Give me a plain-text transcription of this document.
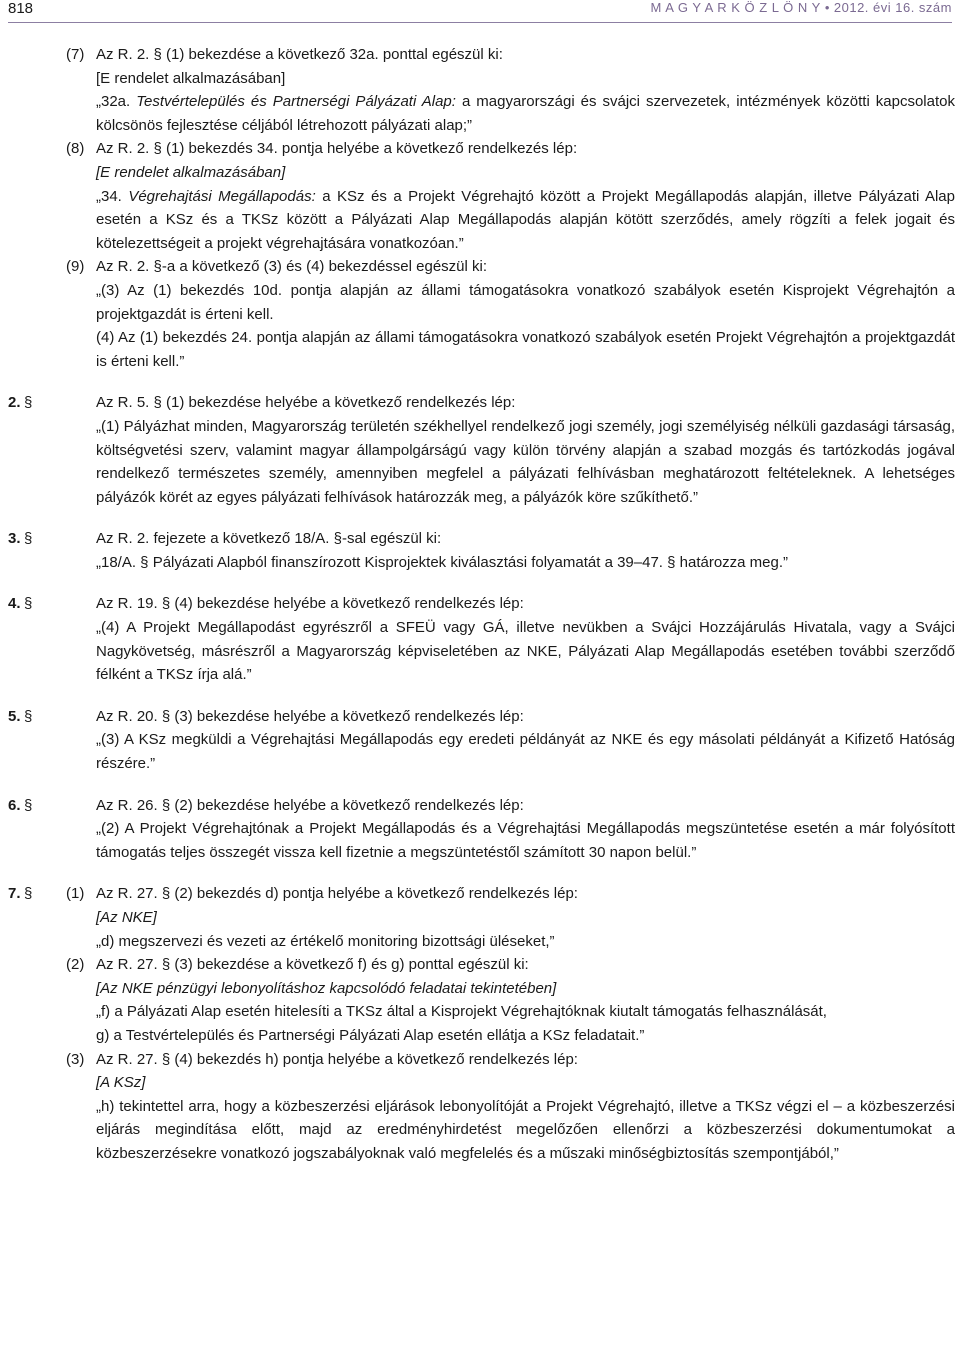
818	M A G Y A R K Ö Z L Ö N Y • 2012. évi 16. szám
(7) Az R. 2. § (1) bekezdése a következő 32a. ponttal egészül ki:
[E rendelet alkalmazásában]
„32a. Testvértelepülés és Partnerségi Pályázati Alap: a magyarországi és svájci szervezetek, intézmények közötti kapcsolatok kölcsönös fejlesztése céljából létrehozott pályázati alap;”
(8) Az R. 2. § (1) bekezdés 34. pontja helyébe a következő rendelkezés lép:
[E rendelet alkalmazásában]
„34. Végrehajtási Megállapodás: a KSz és a Projekt Végrehajtó között a Projekt Megállapodás alapján, illetve Pályázati Alap esetén a KSz és a TKSz között a Pályázati Alap Megállapodás alapján kötött szerződés, amely rögzíti a felek jogait és kötelezettségeit a projekt végrehajtására vonatkozóan.”
(9) Az R. 2. §-a a következő (3) és (4) bekezdéssel egészül ki:
„(3) Az (1) bekezdés 10d. pontja alapján az állami támogatásokra vonatkozó szabályok esetén Kisprojekt Végrehajtón a projektgazdát is érteni kell.
(4) Az (1) bekezdés 24. pontja alapján az állami támogatásokra vonatkozó szabályok esetén Projekt Végrehajtón a projektgazdát is érteni kell.”
2. §	Az R. 5. § (1) bekezdése helyébe a következő rendelkezés lép:
„(1) Pályázhat minden, Magyarország területén székhellyel rendelkező jogi személy, jogi személyiség nélküli gazdasági társaság, költségvetési szerv, valamint magyar állampolgárságú vagy külön törvény alapján a szabad mozgás és tartózkodás jogával rendelkező természetes személy, amennyiben megfelel a pályázati felhívásban meghatározott feltételeknek. A lehetséges pályázók körét az egyes pályázati felhívások határozzák meg, a pályázók köre szűkíthető.”
3. §	Az R. 2. fejezete a következő 18/A. §-sal egészül ki:
„18/A. § Pályázati Alapból finanszírozott Kisprojektek kiválasztási folyamatát a 39–47. § határozza meg.”
4. §	Az R. 19. § (4) bekezdése helyébe a következő rendelkezés lép:
„(4) A Projekt Megállapodást egyrészről a SFEÜ vagy GÁ, illetve nevükben a Svájci Hozzájárulás Hivatala, vagy a Svájci Nagykövetség, másrészről a Magyarország képviseletében az NKE, Pályázati Alap Megállapodás esetében további szerződő félként a TKSz írja alá.”
5. §	Az R. 20. § (3) bekezdése helyébe a következő rendelkezés lép:
„(3) A KSz megküldi a Végrehajtási Megállapodás egy eredeti példányát az NKE és egy másolati példányát a Kifizető Hatóság részére.”
6. §	Az R. 26. § (2) bekezdése helyébe a következő rendelkezés lép:
„(2) A Projekt Végrehajtónak a Projekt Megállapodás és a Végrehajtási Megállapodás megszüntetése esetén a már folyósított támogatás teljes összegét vissza kell fizetnie a megszüntetéstől számított 30 napon belül.”
7. § (1) Az R. 27. § (2) bekezdés d) pontja helyébe a következő rendelkezés lép:
[Az NKE]
„d) megszervezi és vezeti az értékelő monitoring bizottsági üléseket,”
(2) Az R. 27. § (3) bekezdése a következő f) és g) ponttal egészül ki:
[Az NKE pénzügyi lebonyolításhoz kapcsolódó feladatai tekintetében]
„f) a Pályázati Alap esetén hitelesíti a TKSz által a Kisprojekt Végrehajtóknak kiutalt támogatás felhasználását,
g) a Testvértelepülés és Partnerségi Pályázati Alap esetén ellátja a KSz feladatait.”
(3) Az R. 27. § (4) bekezdés h) pontja helyébe a következő rendelkezés lép:
[A KSz]
„h) tekintettel arra, hogy a közbeszerzési eljárások lebonyolítóját a Projekt Végrehajtó, illetve a TKSz végzi el – a közbeszerzési eljárás megindítása előtt, majd az eredményhirdetést megelőzően ellenőrzi a közbeszerzési dokumentumokat a közbeszerzésekre vonatkozó jogszabályoknak való megfelelés és a műszaki minőségbiztosítás szempontjából,”
